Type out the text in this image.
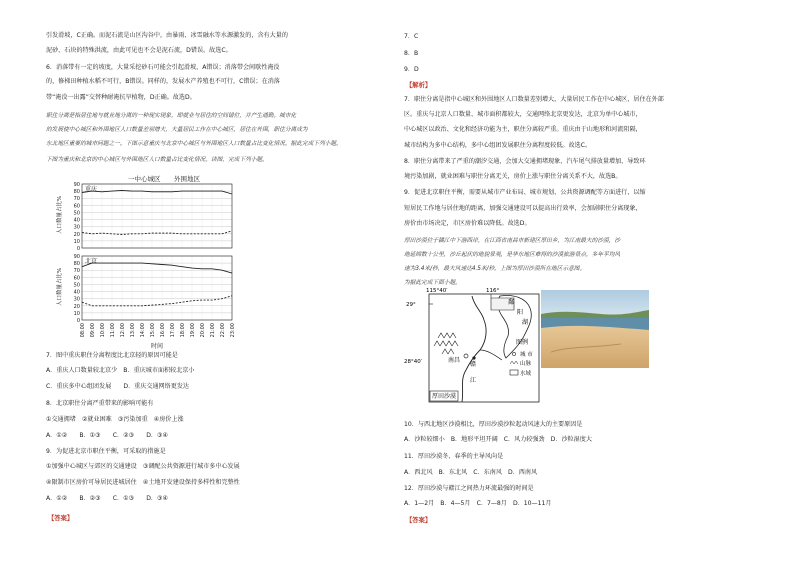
引发滑坡，C正确。而泥石流是山区沟谷中，由暴雨、冰雪融水等水源激发的，含有大量的
泥砂、石块的特殊洪流，由此可见也不会是泥石流，D错误。故选C。
6．消落带有一定的坡度，大量采挖砂石可能会引起滑坡，A错误；消落带会间歇性淹没
的，修梯田种植水稻不可行，B错误。同样的，发展水产养殖也不可行，C错误；在消落
带“淹没一出露”交替种耐淹抗旱植物，D正确。故选D。
职住分离是指居住地与就业地分离的一种现实现象，即就业与居住的空间错位，并产生通勤。城市化
的发展使中心城区和外围地区人口数量差别增大，大量居民工作在中心城区，居住在外围，职住分离成为
东北地区重要的城市问题之一。下图示意重庆与北京中心城区与外围地区人口数量占比变化情况。据此完成下列小题。
下图为重庆和北京的中心城区与外围地区人口数量占比变化情况。读图，完成下列小题。
0
10
20
30
40
50
60
70
80
90
重庆
人口数量占比%
0
10
20
30
40
50
60
70
80
90
北京
人口数量占比%
08:00 09:00 10:00 11:00 12:00 13:00 14:00 15:00 16:00 17:00 18:00 19:00 20:00 21:00 22:00 23:00
时间
一中心城区 外围地区
7．图中重庆职住分离程度比北京轻的原因可能是
A．重庆人口数量较北京少　B．重庆城市面积较北京小
C．重庆多中心组团发展　　D．重庆交通网络更发达
8．北京职住分离严重带来的影响可能有
①交通拥堵　②就业困难　③污染加重　④房价上涨
A．①②　　B．①③　　C．②③　　D．③④
9．为促进北京市职住平衡，可采取的措施是
①加强中心城区与郊区的交通建设　③调配公共资源进行城市多中心发展
④限制市区房价可导居民进城居住　④土地开发建设保持多样性和完整性
A．①②　　B．②③　　C．①③　　D．③④
【答案】
7．C
8．B
9．D
【解析】
7．职住分离是指中心城区和外围地区人口数量差别增大，大量居民工作在中心城区，居住在外部
区。重庆与北京人口数量、城市面积都较大，交通网络北京更发达，北京为单中心城市，
中心城区以政治、文化和经济功能为主，职住分离较严重。重庆由于山地形和河流阻隔，
城市结构为多中心结构，多中心组团发展职住分离程度较低。故选C。
8．职住分离带来了严重的潮汐交通，会加大交通拥堵现象，汽车尾气排放量增加，导致环
境污染加剧，就业困难与职住分离无关，房价上涨与职住分离关系不大，故选B。
9．促进北京职住平衡，需要从城市产业布局、城市规划、公共资源调配等方面进行，以缩
短居民工作地与居住地的距离，加强交通建设可以提高出行效率，会加剧职住分离现象，
房价由市场决定，市区房价难以降低。故选D。
厚田沙漠位于赣江中下游西岸，在江西省南昌市新建区厚田乡，为江南最大的沙漠，沙
地延绵数十公里，沙丘起伏的地貌景观，是华东地区难得的沙漠旅游景点，多年平均风
速为3.4米/秒，最大风速达4.5米/秒。上图为厚田沙漠所在地区示意图。
为据此完成下面小题。
115°40′	116°
29°
28°40′
鄱
阳
湖
南昌
赣
江
厚田沙漠
图例
城 市
山脉
水域
10．与西北地区沙漠相比，厚田沙漠沙粒起动风速大的主要原因是
A．沙粒较细小　B．地形平坦开阔　C．风力较强劲　D．沙粒湿度大
11．厚田沙漠冬、春季的主导风向是
A．西北风　B．东北风　C．东南风　D．西南风
12．厚田沙漠与赣江之间热力环流最强的时间是
A．1—2月　B．4—5月　C．7—8月　D．10—11月
【答案】
